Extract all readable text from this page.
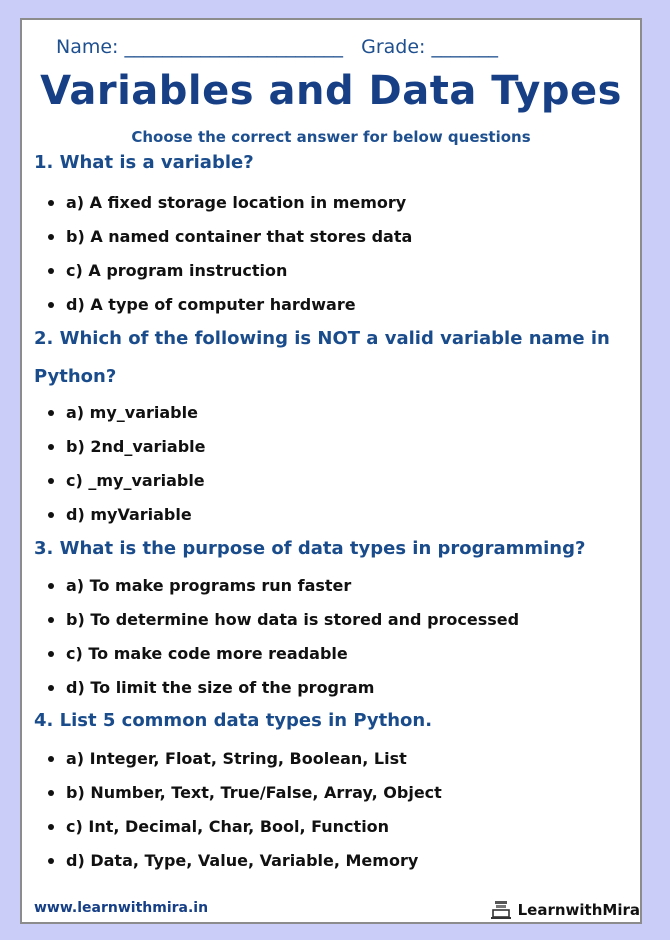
Name: _______________________   Grade: _______
Variables and Data Types
Choose the correct answer for below questions
1. What is a variable?
a) A fixed storage location in memory
b) A named container that stores data
c) A program instruction
d) A type of computer hardware
2. Which of the following is NOT a valid variable name in Python?
a) my_variable
b) 2nd_variable
c) _my_variable
d) myVariable
3. What is the purpose of data types in programming?
a) To make programs run faster
b) To determine how data is stored and processed
c) To make code more readable
d) To limit the size of the program
4. List 5 common data types in Python.
a) Integer, Float, String, Boolean, List
b) Number, Text, True/False, Array, Object
c) Int, Decimal, Char, Bool, Function
d) Data, Type, Value, Variable, Memory
www.learnwithmira.in	LearnwithMira
